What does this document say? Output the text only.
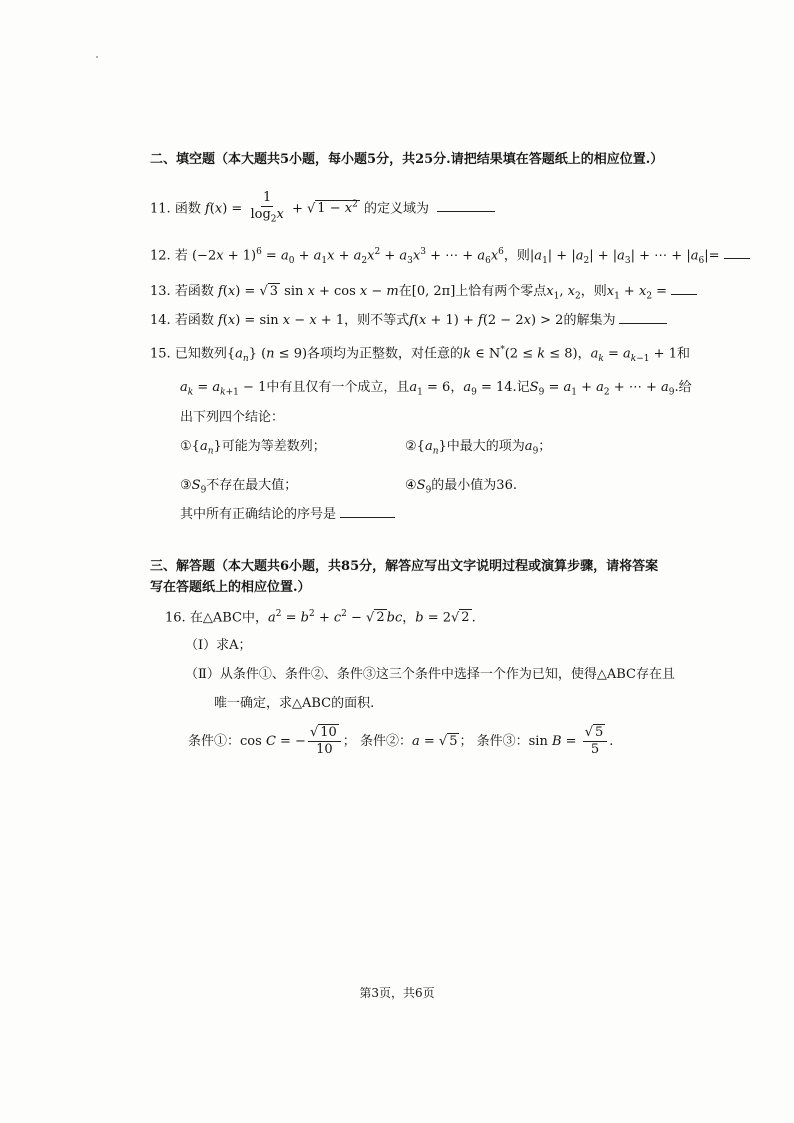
二、填空题（本大题共5小题，每小题5分，共25分.请把结果填在答题纸上的相应位置.）
11. 函数 $f(x) = \frac{1}{\log_2x}$ + √ $1 - x^2$ 的定义域为
12. 若 $(-2x + 1)^6 = a_0 + a_1x + a_2x^2 + a_3x^3$ + ⋯ + $a_6x^6$，则$|a_1| + |a_2| + |a_3|$ + ⋯ + $|a_6|=$
13. 若函数 f(x) = √ 3 sin x + cos x − m在[0, 2π]上恰有两个零点$x_1$, $x_2$，则$x_1 + x_2$ =
14. 若函数 f(x) = sin x − x + 1，则不等式f(x + 1) + f(2 − 2x) > 2的解集为
15. 已知数列$\{a_n\} (n \le 9)$各项均为正整数，对任意的k ∈ N*(2 ≤ k ≤ 8)，$a_k = a_{k-1} + 1$和
$a_k = a_{k+1} - 1$中有且仅有一个成立，且$a_1 = 6$，$a_9 = 14$.记$S_9 = a_1 + a_2$ + ⋯ + $a_9$.给
出下列四个结论：
$①\{a_n\}$可能为等差数列；	$②\{a_n\}$中最大的项为$a_9$；
$③S_9$不存在最大值；	$④S_9$的最小值为36.
其中所有正确结论的序号是
三、解答题（本大题共6小题，共85分，解答应写出文字说明过程或演算步骤，请将答案
写在答题纸上的相应位置.）
16. 在△ABC中，$a^2 = b^2 + c^2$ − √ 2 bc，b = 2√ 2 .
（Ⅰ）求A；
（Ⅱ）从条件①、条件②、条件③这三个条件中选择一个作为已知，使得△ABC存在且
唯一确定，求△ABC的面积.
条件①：cos C = − $\frac{√ 10}{10}$ ； 条件②：a = √ 5 ； 条件③：$\sin B = \frac{√ 5}{5}$ .
第3页，共6页
